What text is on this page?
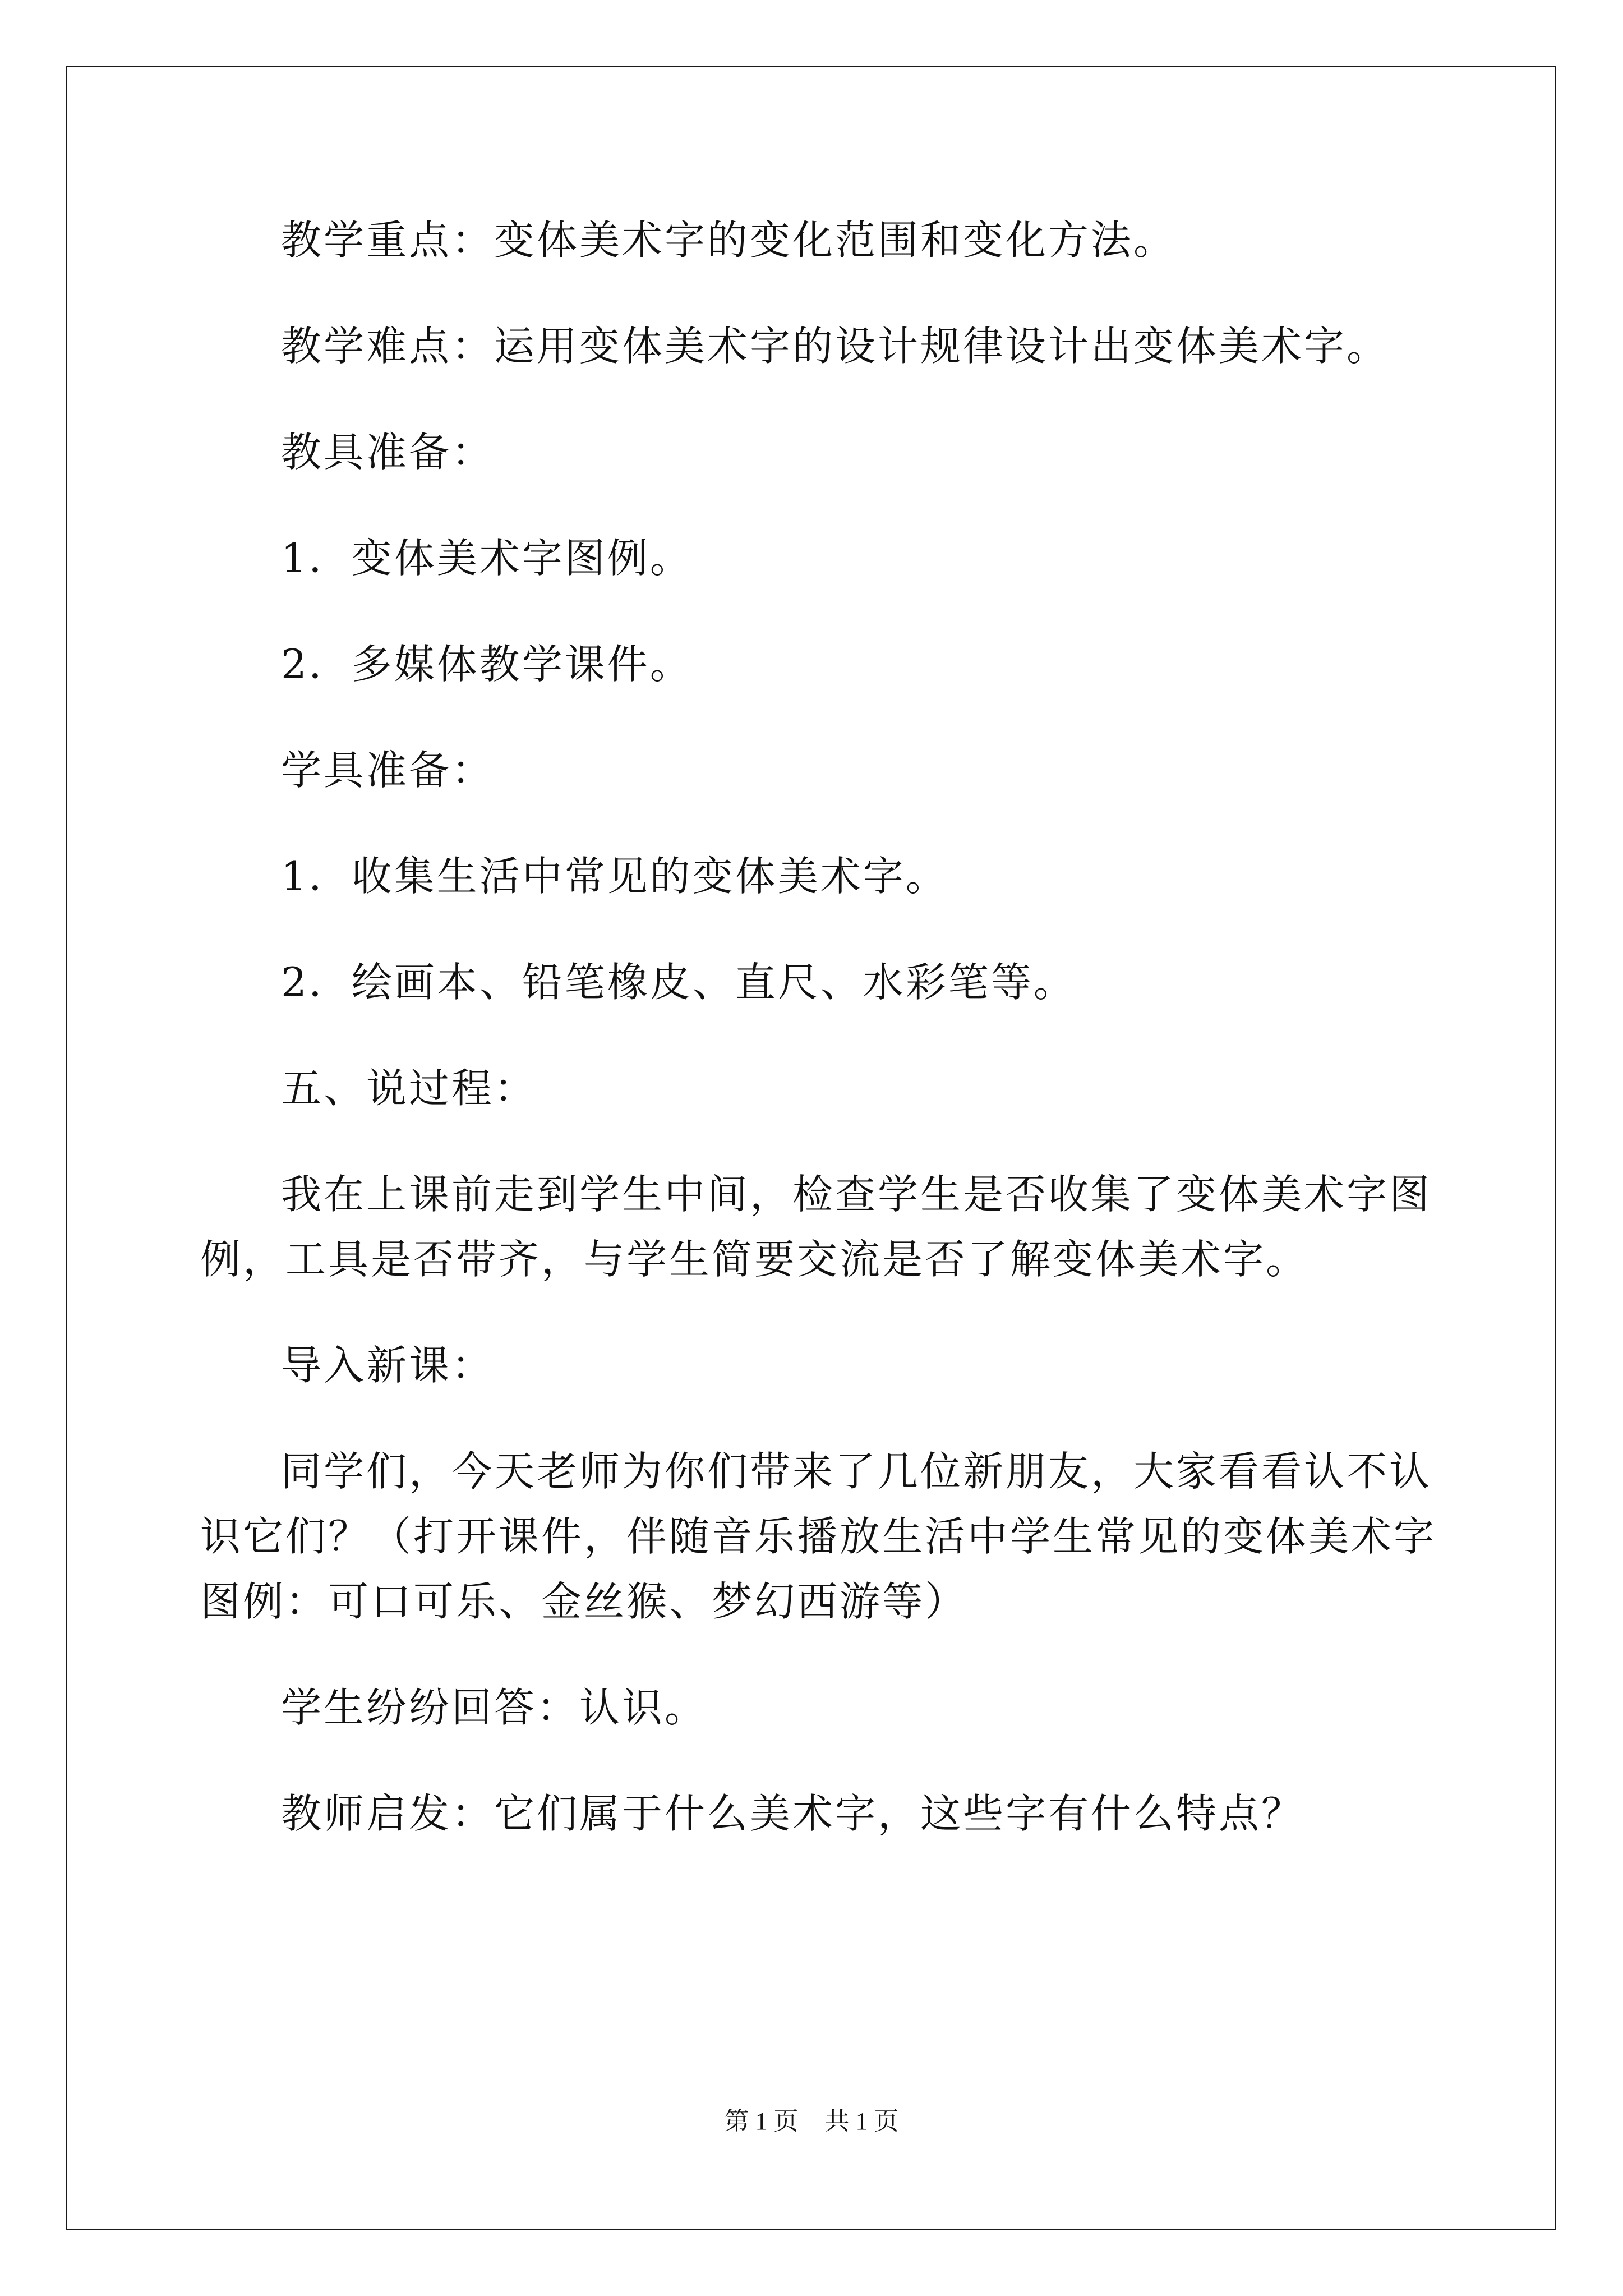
教学重点：变体美术字的变化范围和变化方法。

教学难点：运用变体美术字的设计规律设计出变体美术字。

教具准备：

1．变体美术字图例。

2．多媒体教学课件。

学具准备：

1．收集生活中常见的变体美术字。

2．绘画本、铅笔橡皮、直尺、水彩笔等。

五、说过程：

我在上课前走到学生中间，检查学生是否收集了变体美术字图例，工具是否带齐，与学生简要交流是否了解变体美术字。

导入新课：

同学们，今天老师为你们带来了几位新朋友，大家看看认不认识它们？（打开课件，伴随音乐播放生活中学生常见的变体美术字图例：可口可乐、金丝猴、梦幻西游等）

学生纷纷回答：认识。

教师启发：它们属于什么美术字，这些字有什么特点？

第 1 页 共 1 页
